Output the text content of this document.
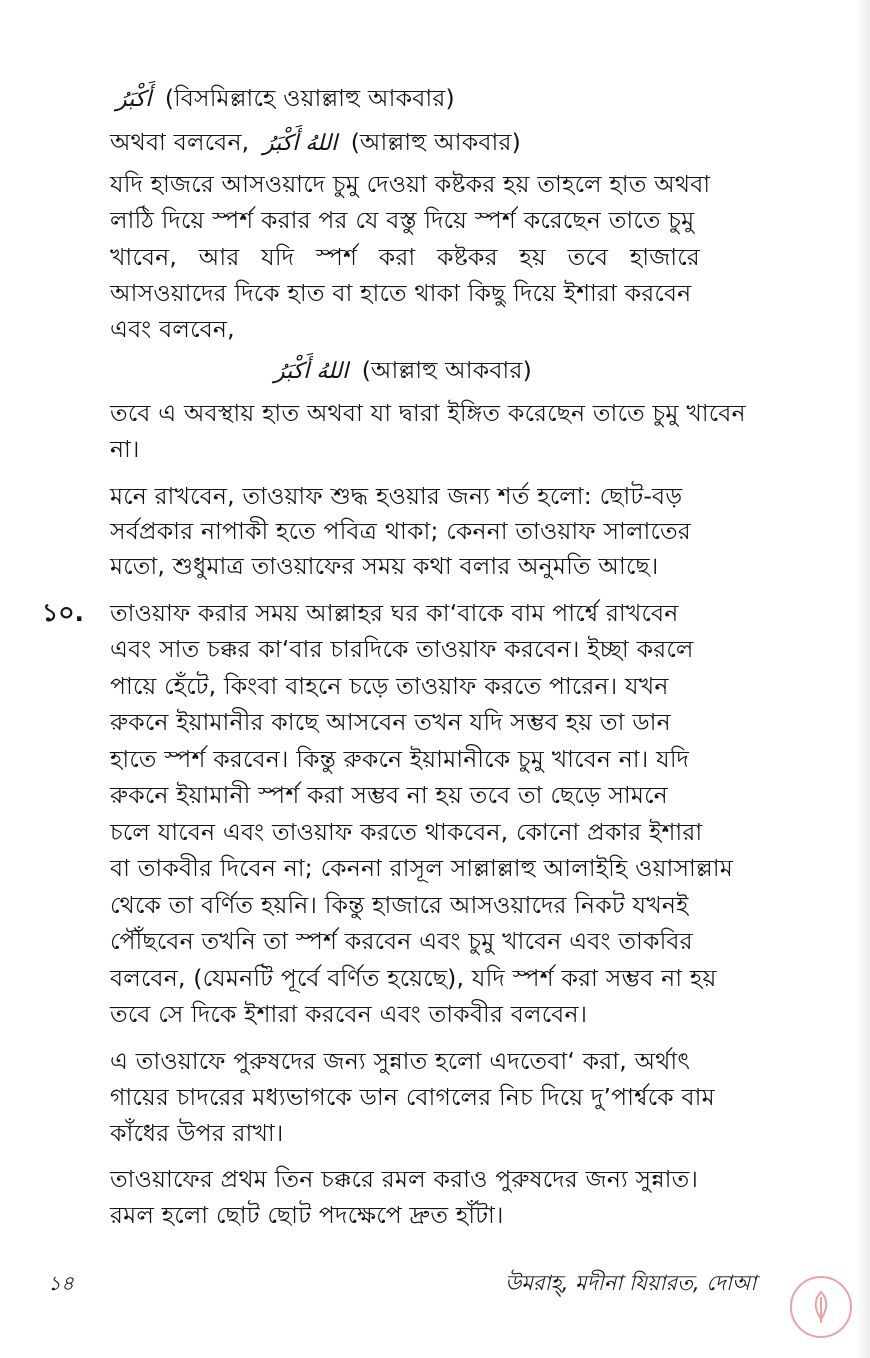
أَكْبَرُ (বিসমিল্লাহে ওয়াল্লাহু আকবার)
অথবা বলবেন, اللهُ أَكْبَرُ (আল্লাহু আকবার)
যদি হাজরে আসওয়াদে চুমু দেওয়া কষ্টকর হয় তাহলে হাত অথবা
লাঠি দিয়ে স্পর্শ করার পর যে বস্তু দিয়ে স্পর্শ করেছেন তাতে চুমু
খাবেন, আর যদি স্পর্শ করা কষ্টকর হয় তবে হাজারে
আসওয়াদের দিকে হাত বা হাতে থাকা কিছু দিয়ে ইশারা করবেন
এবং বলবেন,
اللهُ أَكْبَرُ (আল্লাহু আকবার)
তবে এ অবস্থায় হাত অথবা যা দ্বারা ইঙ্গিত করেছেন তাতে চুমু খাবেন
না।
মনে রাখবেন, তাওয়াফ শুদ্ধ হওয়ার জন্য শর্ত হলো: ছোট-বড়
সর্বপ্রকার নাপাকী হতে পবিত্র থাকা; কেননা তাওয়াফ সালাতের
মতো, শুধুমাত্র তাওয়াফের সময় কথা বলার অনুমতি আছে।
১০. তাওয়াফ করার সময় আল্লাহর ঘর কা‘বাকে বাম পার্শ্বে রাখবেন
এবং সাত চক্কর কা‘বার চারদিকে তাওয়াফ করবেন। ইচ্ছা করলে
পায়ে হেঁটে, কিংবা বাহনে চড়ে তাওয়াফ করতে পারেন। যখন
রুকনে ইয়ামানীর কাছে আসবেন তখন যদি সম্ভব হয় তা ডান
হাতে স্পর্শ করবেন। কিন্তু রুকনে ইয়ামানীকে চুমু খাবেন না। যদি
রুকনে ইয়ামানী স্পর্শ করা সম্ভব না হয় তবে তা ছেড়ে সামনে
চলে যাবেন এবং তাওয়াফ করতে থাকবেন, কোনো প্রকার ইশারা
বা তাকবীর দিবেন না; কেননা রাসূল সাল্লাল্লাহু আলাইহি ওয়াসাল্লাম
থেকে তা বর্ণিত হয়নি। কিন্তু হাজারে আসওয়াদের নিকট যখনই
পৌঁছবেন তখনি তা স্পর্শ করবেন এবং চুমু খাবেন এবং তাকবির
বলবেন, (যেমনটি পূর্বে বর্ণিত হয়েছে), যদি স্পর্শ করা সম্ভব না হয়
তবে সে দিকে ইশারা করবেন এবং তাকবীর বলবেন।
এ তাওয়াফে পুরুষদের জন্য সুন্নাত হলো এদতেবা‘ করা, অর্থাৎ
গায়ের চাদরের মধ্যভাগকে ডান বোগলের নিচ দিয়ে দু’পার্শ্বকে বাম
কাঁধের উপর রাখা।
তাওয়াফের প্রথম তিন চক্করে রমল করাও পুরুষদের জন্য সুন্নাত।
রমল হলো ছোট ছোট পদক্ষেপে দ্রুত হাঁটা।
১৪	উমরাহ্, মদীনা যিয়ারত, দোআ
